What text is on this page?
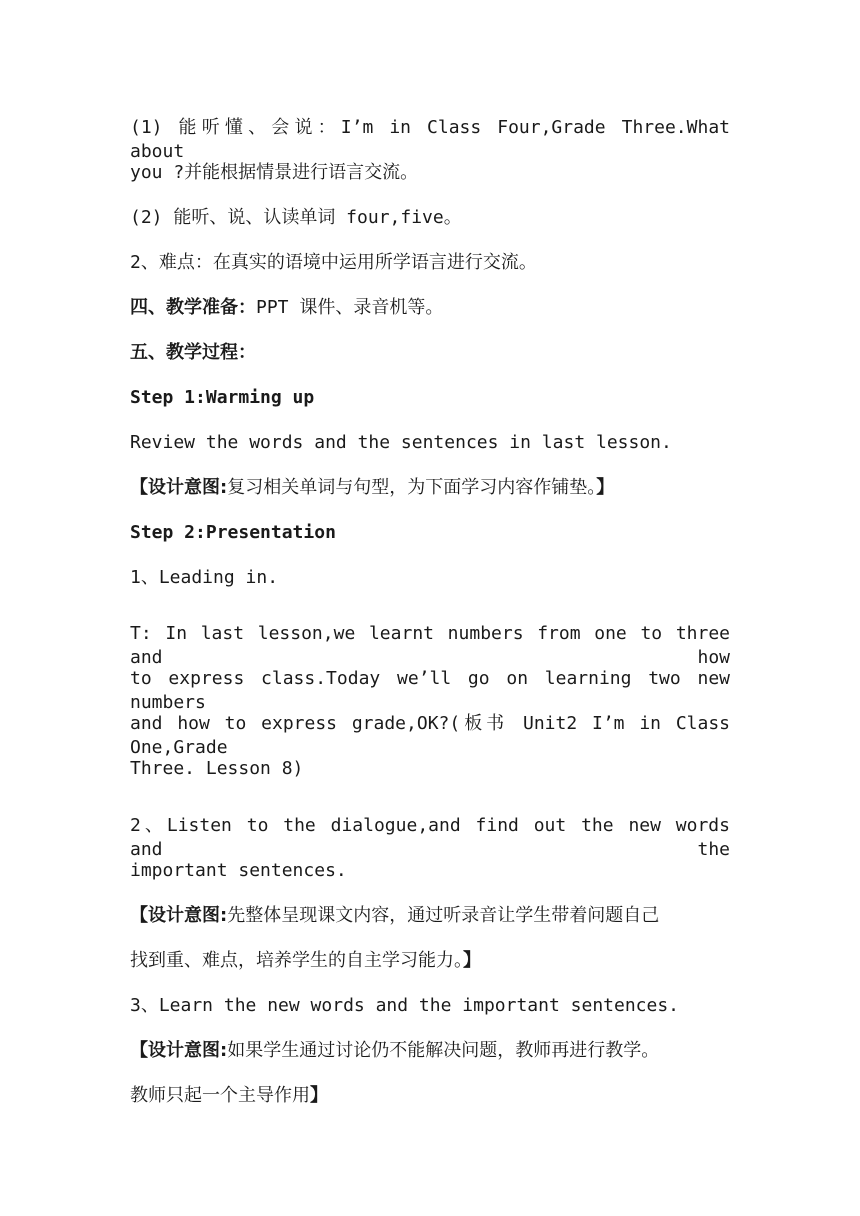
(1) 能听懂、会说：I’m in Class Four,Grade Three.What about
you ?并能根据情景进行语言交流。
(2) 能听、说、认读单词 four,five。
2、难点：在真实的语境中运用所学语言进行交流。
四、教学准备：PPT 课件、录音机等。
五、教学过程：
Step 1:Warming up
Review the words and the sentences in last lesson.
【设计意图:复习相关单词与句型，为下面学习内容作铺垫。】
Step 2:Presentation
1、Leading in.
T: In last lesson,we learnt numbers from one to three and how
to express class.Today we’ll go on learning two new numbers
and how to express grade,OK?(板书 Unit2 I’m in Class One,Grade
Three. Lesson 8)
2、Listen to the dialogue,and find out the new words and the
important sentences.
【设计意图:先整体呈现课文内容，通过听录音让学生带着问题自己
找到重、难点，培养学生的自主学习能力。】
3、Learn the new words and the important sentences.
【设计意图:如果学生通过讨论仍不能解决问题，教师再进行教学。
教师只起一个主导作用】
